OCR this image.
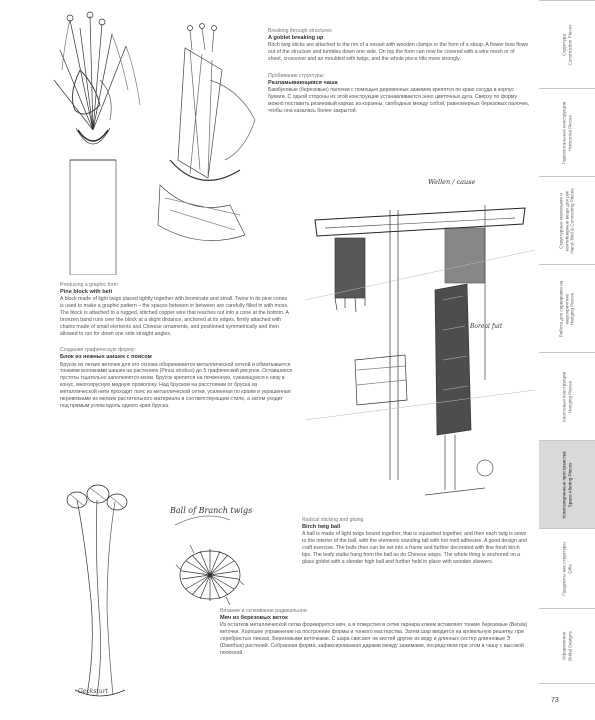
Wellen / cause
Boreal fuit
Ball of Branch twigs
Gecksturt

Breaking through structures

A goblet breaking up

Birch twig sticks are attached to the rim of a vessel with wooden clamps in the form of a stoup. A flower bow flows out of the structure and tumbles down one side. On top the form can now be covered with a wire mesh or of sheet, crossover and an moulded with twigs, and the whole piece tilts more strongly.

Пробивание структуры:

Разламывающаяся чаша

Бамбуковые (березовые) палочки с помощью деревянных зажимов крепятся по краю сосуда в корпус бумаги. С одной стороны их этой конструкции устанавливается энно цветочных дуга. Сверху по форму можно поставить резиновый каркас из корзины, свободных между собой, равномерных березовых палочек, чтобы она казалась более закрытой.

Producing a graphic form

Pine block with belt

A block made of light twigs placed tightly together with brominate and small. Twine in its pine cones is used to make a graphic pattern – the spaces between in between are carefully filled in with moss. The block is attached to a rugged, stitched copper wire that reaches out into a cone at the bottom. A bronzen band runs over the block at a slight distance, anchored at its edges, firmly attached with chains made of small elements and Chinese ornaments, and positioned symmetrically and then allowed to run for down one side straight angles.

Создание графическую форму:

Блок из нежных шишек с поясом

Брусок из легких веточек для его основа оборачивается металлической сеткой и обматывается тонкими волокнами шишек на растениях (Pinus strobus) до 5 графический рисунок. Оставшиеся пустоты тщательно заполняются мхом. Брусок крепится на почвенную, сужающуюся к низу в конус, многоярусную медную проволоку. Над бруском на расстоянии от бруска из металлической нити проходит пояс из металлической сетки, усиленная по краям и украшенная перевязками из мелких растительного материала в соответствующем стиле, а затем уходит под прямым углом вдоль одного края бруска.

Radical sticking and gluing

Birch twig ball

A ball is made of light twigs bound together, that is squashed together, and then each twig is sewn to the interior of the ball, with the elements standing tall with hot melt adhesive. A good design and craft exercise. The balls then can be set into a frame and further decorated with fine fresh birch tips. The leafy stalks hang from the ball as do Chinese wisps. The whole thing is anchored on a glass goblet with a slender high ball and further held in place with wooden skewers.

Вязание и склеивание радикальное:

Мяч из березовых веток

Из остатков металлической сетки формируется мяч, а в отверстия в сетке гарнира клеем вставляют тонкие березовые (Betula) веточки. Хорошее упражнение на построение формы и тонкого мастерства. Затем шар вводится на кровельную решетку, при серебристых линзах. Березовыми веточками. С шара свисают не кистей другие из воду и длинных сестер длинновые Э (Dianthus) растений. Собранная форма, зафиксированная дарами между зажимами, посредством при этом в чашу с высокой полоской.

Структура
Construction Pieces
Горизонтальные конструкции
Horizontal Pieces
Структурные маленькие и контейнерные вещи для рук
Hand-Tied & Connecting Pieces
Работа для сервировки на мероприятиях
Hanging Pieces
Хвостовые конструкции
Hanging Pieces
Композиционные пространства
Space Altering Pieces
Предметы вне структуры
Gifts
Оформление
Bridal Designs
73
